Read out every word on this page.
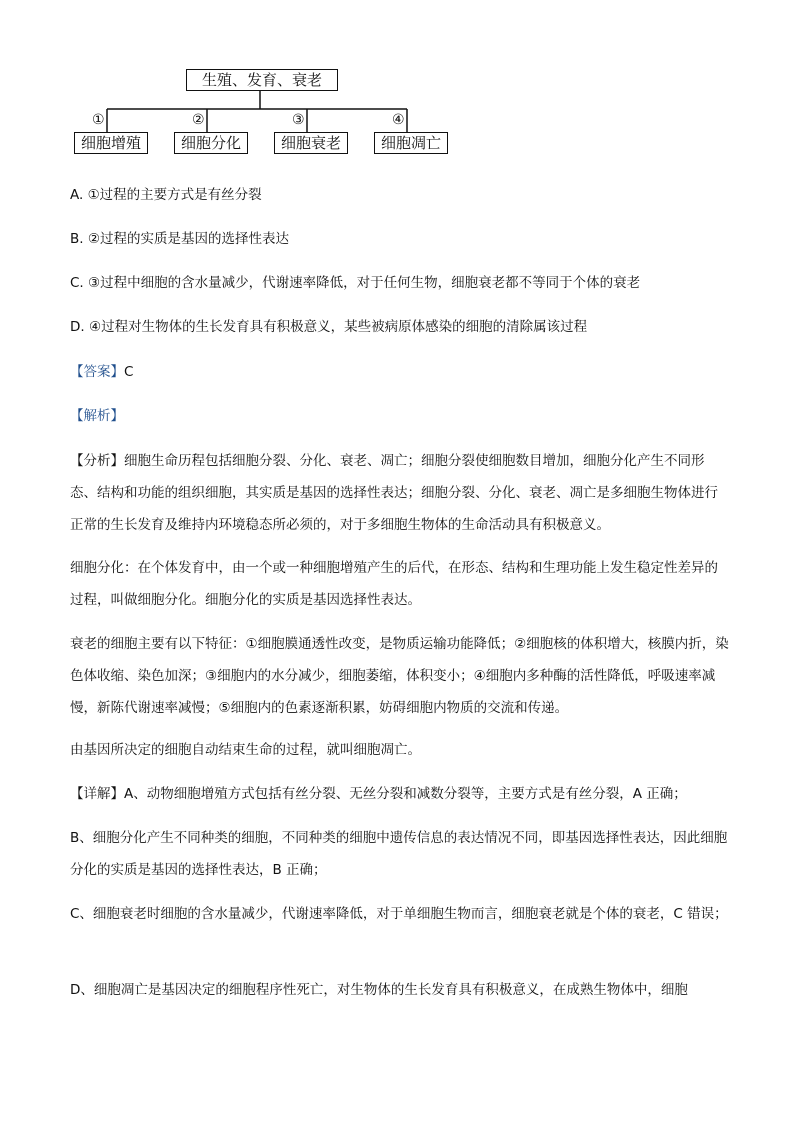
生殖、发育、衰老
①	②	③	④
细胞增殖	细胞分化	细胞衰老	细胞凋亡

A. ①过程的主要方式是有丝分裂

B. ②过程的实质是基因的选择性表达

C. ③过程中细胞的含水量减少，代谢速率降低，对于任何生物，细胞衰老都不等同于个体的衰老

D. ④过程对生物体的生长发育具有积极意义，某些被病原体感染的细胞的清除属该过程

【答案】C

【解析】

【分析】细胞生命历程包括细胞分裂、分化、衰老、凋亡；细胞分裂使细胞数目增加，细胞分化产生不同形态、结构和功能的组织细胞，其实质是基因的选择性表达；细胞分裂、分化、衰老、凋亡是多细胞生物体进行正常的生长发育及维持内环境稳态所必须的，对于多细胞生物体的生命活动具有积极意义。

细胞分化：在个体发育中，由一个或一种细胞增殖产生的后代，在形态、结构和生理功能上发生稳定性差异的过程，叫做细胞分化。细胞分化的实质是基因选择性表达。

衰老的细胞主要有以下特征：①细胞膜通透性改变，是物质运输功能降低；②细胞核的体积增大，核膜内折，染色体收缩、染色加深；③细胞内的水分减少，细胞萎缩，体积变小；④细胞内多种酶的活性降低，呼吸速率减慢，新陈代谢速率减慢；⑤细胞内的色素逐渐积累，妨碍细胞内物质的交流和传递。

由基因所决定的细胞自动结束生命的过程，就叫细胞凋亡。

【详解】A、动物细胞增殖方式包括有丝分裂、无丝分裂和减数分裂等，主要方式是有丝分裂，A 正确；

B、细胞分化产生不同种类的细胞，不同种类的细胞中遗传信息的表达情况不同，即基因选择性表达，因此细胞分化的实质是基因的选择性表达，B 正确；

C、细胞衰老时细胞的含水量减少，代谢速率降低，对于单细胞生物而言，细胞衰老就是个体的衰老，C 错误；

D、细胞凋亡是基因决定的细胞程序性死亡，对生物体的生长发育具有积极意义，在成熟生物体中，细胞
